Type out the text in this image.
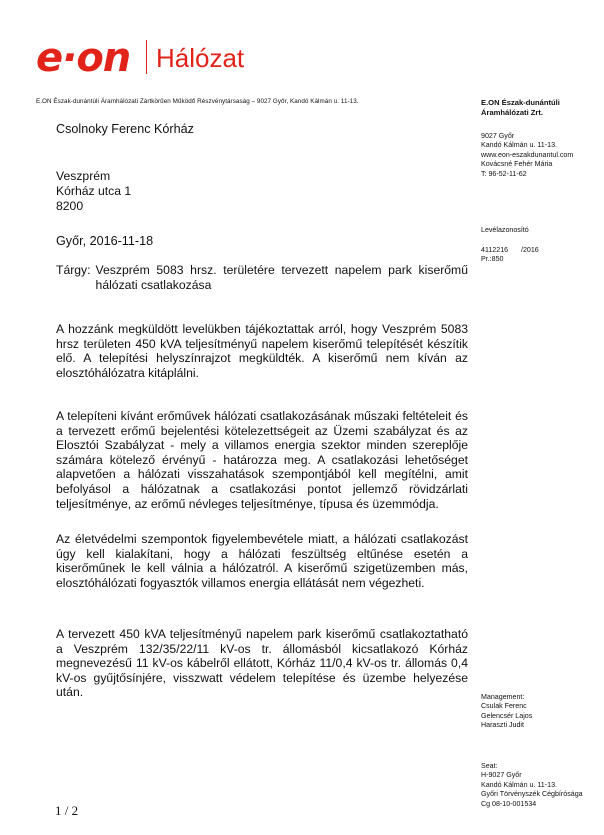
e·on Hálózat
E.ON Észak-dunántúli Áramhálózati Zártkörűen Működő Részvénytársaság – 9027 Győr, Kandó Kálmán u. 11-13.
Csolnoky Ferenc Kórház
Veszprém
Kórház utca 1
8200
Győr, 2016-11-18
Tárgy: Veszprém 5083 hrsz. területére tervezett napelem park kiserőmű hálózati csatlakozása

A hozzánk megküldött levelükben tájékoztattak arról, hogy Veszprém 5083 hrsz területen 450 kVA teljesítményű napelem kiserőmű telepítését készítik elő. A telepítési helyszínrajzot megküldték. A kiserőmű nem kíván az elosztóhálózatra kitáplálni.

A telepíteni kívánt erőművek hálózati csatlakozásának műszaki feltételeit és a tervezett erőmű bejelentési kötelezettségeit az Üzemi szabályzat és az Elosztói Szabályzat - mely a villamos energia szektor minden szereplője számára kötelező érvényű - határozza meg. A csatlakozási lehetőséget alapvetően a hálózati visszahatások szempontjából kell megítélni, amit befolyásol a hálózatnak a csatlakozási pontot jellemző rövidzárlati teljesítménye, az erőmű névleges teljesítménye, típusa és üzemmódja.

Az életvédelmi szempontok figyelembevétele miatt, a hálózati csatlakozást úgy kell kialakítani, hogy a hálózati feszültség eltűnése esetén a kiserőműnek le kell válnia a hálózatról. A kiserőmű szigetüzemben más, elosztóhálózati fogyasztók villamos energia ellátását nem végezheti.

A tervezett 450 kVA teljesítményű napelem park kiserőmű csatlakoztatható a Veszprém 132/35/22/11 kV-os tr. állomásból kicsatlakozó Kórház megnevezésű 11 kV-os kábelről ellátott, Kórház 11/0,4 kV-os tr. állomás 0,4 kV-os gyűjtősínjére, visszwatt védelem telepítése és üzembe helyezése után.

E.ON Észak-dunántúli
Áramhálózati Zrt.
9027 Győr
Kandó Kálmán u. 11-13.
www.eon-eszakdunantul.com
Kovácsné Fehér Mária
T: 96-52-11-62
Levélazonosító
4112216	/2016
Pr.:850
Management:
Csulak Ferenc
Gelencsér Lajos
Haraszti Judit
Seat:
H-9027 Győr
Kandó Kálmán u. 11-13.
Győri Törvényszék Cégbírósága
Cg 08-10-001534
1 / 2
